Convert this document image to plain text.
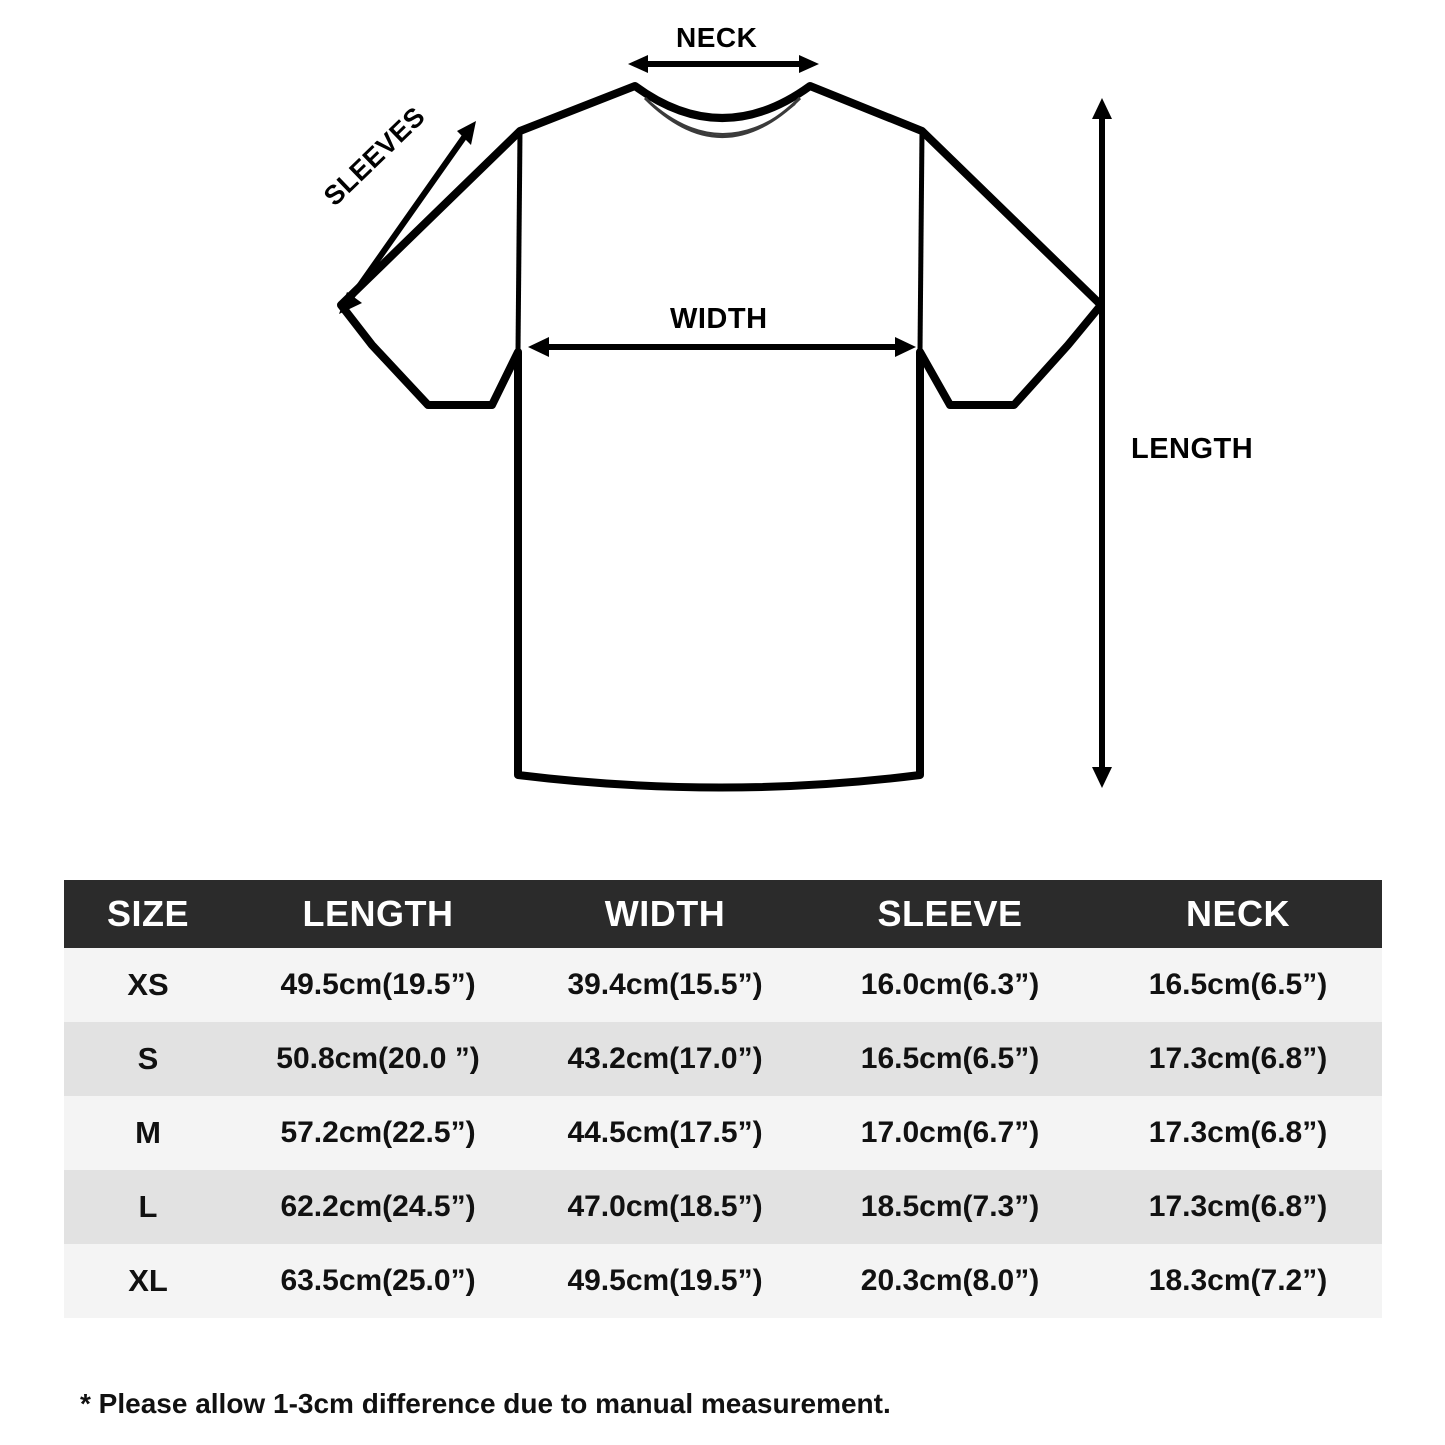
NECK
WIDTH
LENGTH
SLEEVES
SIZE	LENGTH	WIDTH	SLEEVE	NECK
XS	49.5cm(19.5”)	39.4cm(15.5”)	16.0cm(6.3”)	16.5cm(6.5”)
S	50.8cm(20.0 ”)	43.2cm(17.0”)	16.5cm(6.5”)	17.3cm(6.8”)
M	57.2cm(22.5”)	44.5cm(17.5”)	17.0cm(6.7”)	17.3cm(6.8”)
L	62.2cm(24.5”)	47.0cm(18.5”)	18.5cm(7.3”)	17.3cm(6.8”)
XL	63.5cm(25.0”)	49.5cm(19.5”)	20.3cm(8.0”)	18.3cm(7.2”)
* Please allow 1-3cm difference due to manual measurement.
